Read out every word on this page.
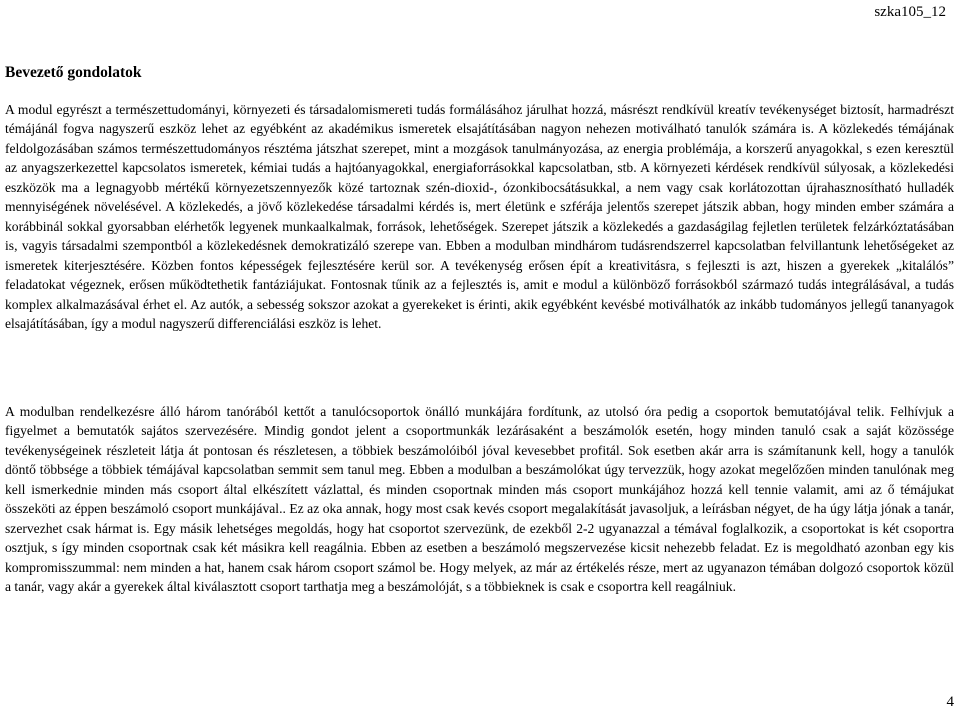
szka105_12
Bevezető gondolatok

A modul egyrészt a természettudományi, környezeti és társadalomismereti tudás formálásához járulhat hozzá, másrészt rendkívül kreatív tevékenységet biztosít, harmadrészt témájánál fogva nagyszerű eszköz lehet az egyébként az akadémikus ismeretek elsajátításában nagyon nehezen motiválható tanulók számára is. A közlekedés témájának feldolgozásában számos természettudományos résztéma játszhat szerepet, mint a mozgások tanulmányozása, az energia problémája, a korszerű anyagokkal, s ezen keresztül az anyagszerkezettel kapcsolatos ismeretek, kémiai tudás a hajtóanyagokkal, energiaforrásokkal kapcsolatban, stb. A környezeti kérdések rendkívül súlyosak, a közlekedési eszközök ma a legnagyobb mértékű környezetszennyezők közé tartoznak szén-dioxid-, ózonkibocsátásukkal, a nem vagy csak korlátozottan újrahasznosítható hulladék mennyiségének növelésével. A közlekedés, a jövő közlekedése társadalmi kérdés is, mert életünk e szférája jelentős szerepet játszik abban, hogy minden ember számára a korábbinál sokkal gyorsabban elérhetők legyenek munkaalkalmak, források, lehetőségek. Szerepet játszik a közlekedés a gazdaságilag fejletlen területek felzárkóztatásában is, vagyis társadalmi szempontból a közlekedésnek demokratizáló szerepe van. Ebben a modulban mindhárom tudásrendszerrel kapcsolatban felvillantunk lehetőségeket az ismeretek kiterjesztésére. Közben fontos képességek fejlesztésére kerül sor. A tevékenység erősen épít a kreativitásra, s fejleszti is azt, hiszen a gyerekek „kitalálós” feladatokat végeznek, erősen működtethetik fantáziájukat. Fontosnak tűnik az a fejlesztés is, amit e modul a különböző forrásokból származó tudás integrálásával, a tudás komplex alkalmazásával érhet el. Az autók, a sebesség sokszor azokat a gyerekeket is érinti, akik egyébként kevésbé motiválhatók az inkább tudományos jellegű tananyagok elsajátításában, így a modul nagyszerű differenciálási eszköz is lehet.

A modulban rendelkezésre álló három tanórából kettőt a tanulócsoportok önálló munkájára fordítunk, az utolsó óra pedig a csoportok bemutatójával telik. Felhívjuk a figyelmet a bemutatók sajátos szervezésére. Mindig gondot jelent a csoportmunkák lezárásaként a beszámolók esetén, hogy minden tanuló csak a saját közössége tevékenységeinek részleteit látja át pontosan és részletesen, a többiek beszámolóiból jóval kevesebbet profitál. Sok esetben akár arra is számítanunk kell, hogy a tanulók döntő többsége a többiek témájával kapcsolatban semmit sem tanul meg. Ebben a modulban a beszámolókat úgy tervezzük, hogy azokat megelőzően minden tanulónak meg kell ismerkednie minden más csoport által elkészített vázlattal, és minden csoportnak minden más csoport munkájához hozzá kell tennie valamit, ami az ő témájukat összeköti az éppen beszámoló csoport munkájával.. Ez az oka annak, hogy most csak kevés csoport megalakítását javasoljuk, a leírásban négyet, de ha úgy látja jónak a tanár, szervezhet csak hármat is. Egy másik lehetséges megoldás, hogy hat csoportot szervezünk, de ezekből 2-2 ugyanazzal a témával foglalkozik, a csoportokat is két csoportra osztjuk, s így minden csoportnak csak két másikra kell reagálnia. Ebben az esetben a beszámoló megszervezése kicsit nehezebb feladat. Ez is megoldható azonban egy kis kompromisszummal: nem minden a hat, hanem csak három csoport számol be. Hogy melyek, az már az értékelés része, mert az ugyanazon témában dolgozó csoportok közül a tanár, vagy akár a gyerekek által kiválasztott csoport tarthatja meg a beszámolóját, s a többieknek is csak e csoportra kell reagálniuk.

4
